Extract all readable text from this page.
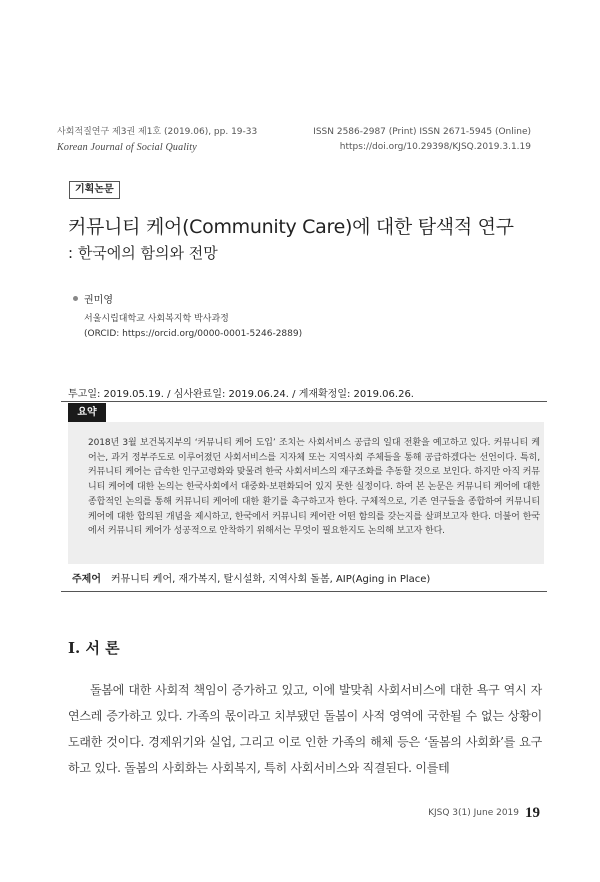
사회적질연구 제3권 제1호 (2019.06), pp. 19-33
Korean Journal of Social Quality
ISSN 2586-2987 (Print) ISSN 2671-5945 (Online)
https://doi.org/10.29398/KJSQ.2019.3.1.19
기획논문
커뮤니티 케어(Community Care)에 대한 탐색적 연구
: 한국에의 함의와 전망
권미영
서울시립대학교 사회복지학 박사과정
(ORCID: https://orcid.org/0000-0001-5246-2889)
투고일: 2019.05.19. / 심사완료일: 2019.06.24. / 게재확정일: 2019.06.26.
요약
2018년 3월 보건복지부의 ‘커뮤니티 케어 도입’ 조치는 사회서비스 공급의 일대 전환을 예고하고 있다. 커뮤니티 케어는, 과거 정부주도로 이루어졌던 사회서비스를 지자체 또는 지역사회 주체들을 통해 공급하겠다는 선언이다. 특히, 커뮤니티 케어는 급속한 인구고령화와 맞물려 한국 사회서비스의 재구조화를 추동할 것으로 보인다. 하지만 아직 커뮤니티 케어에 대한 논의는 한국사회에서 대중화·보편화되어 있지 못한 실정이다. 하여 본 논문은 커뮤니티 케어에 대한 종합적인 논의를 통해 커뮤니티 케어에 대한 환기를 촉구하고자 한다. 구체적으로, 기존 연구들을 종합하여 커뮤니티 케어에 대한 합의된 개념을 제시하고, 한국에서 커뮤니티 케어란 어떤 함의를 갖는지를 살펴보고자 한다. 더불어 한국에서 커뮤니티 케어가 성공적으로 안착하기 위해서는 무엇이 필요한지도 논의해 보고자 한다.
주제어 커뮤니티 케어, 재가복지, 탈시설화, 지역사회 돌봄, AIP(Aging in Place)
Ⅰ. 서 론

돌봄에 대한 사회적 책임이 증가하고 있고, 이에 발맞춰 사회서비스에 대한 욕구 역시 자연스레 증가하고 있다. 가족의 몫이라고 치부됐던 돌봄이 사적 영역에 국한될 수 없는 상황이 도래한 것이다. 경제위기와 실업, 그리고 이로 인한 가족의 해체 등은 ‘돌봄의 사회화’를 요구하고 있다. 돌봄의 사회화는 사회복지, 특히 사회서비스와 직결된다. 이를테

KJSQ 3(1) June 2019 19
